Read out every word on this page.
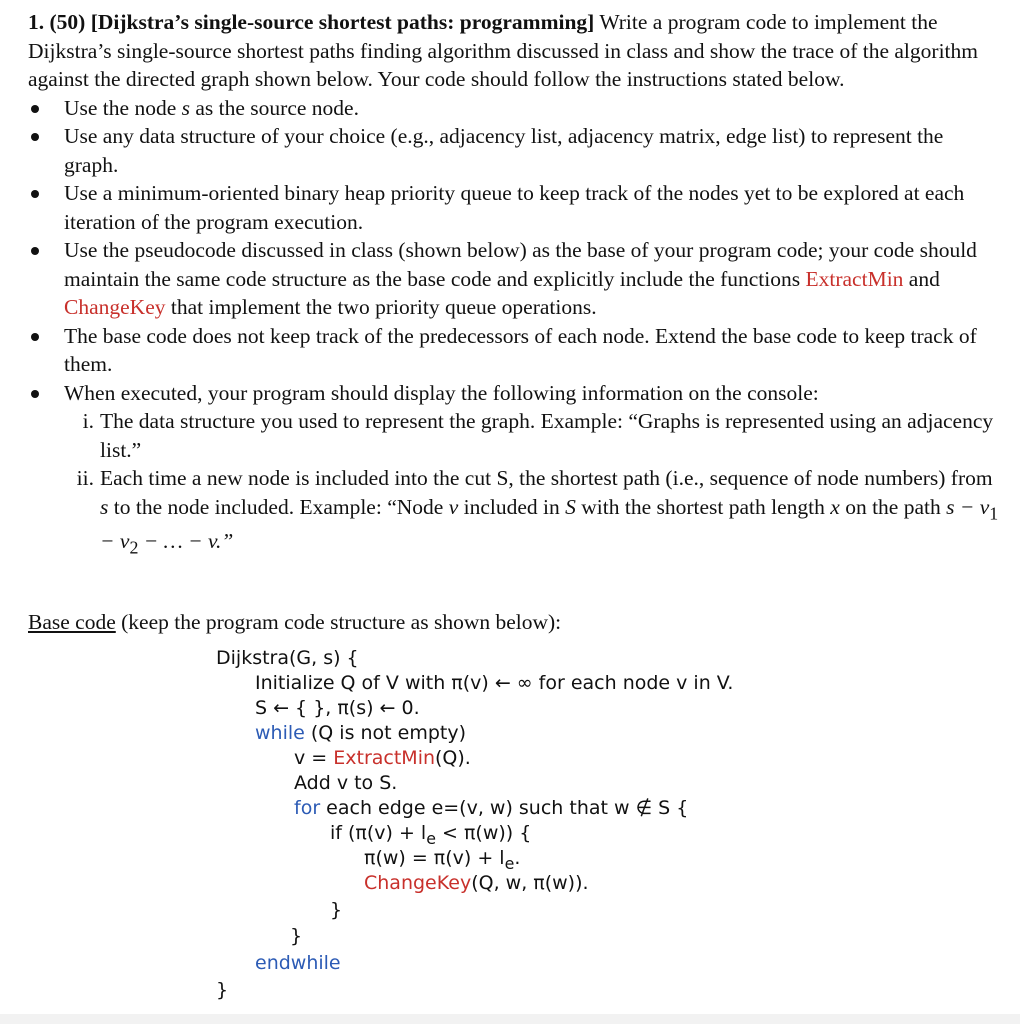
1. (50) [Dijkstra’s single-source shortest paths: programming] Write a program code to implement the Dijkstra’s single-source shortest paths finding algorithm discussed in class and show the trace of the algorithm against the directed graph shown below. Your code should follow the instructions stated below.

Use the node s as the source node.
Use any data structure of your choice (e.g., adjacency list, adjacency matrix, edge list) to represent the graph.
Use a minimum-oriented binary heap priority queue to keep track of the nodes yet to be explored at each iteration of the program execution.
Use the pseudocode discussed in class (shown below) as the base of your program code; your code should maintain the same code structure as the base code and explicitly include the functions ExtractMin and ChangeKey that implement the two priority queue operations.
The base code does not keep track of the predecessors of each node. Extend the base code to keep track of them.
When executed, your program should display the following information on the console:
i. The data structure you used to represent the graph. Example: “Graphs is represented using an adjacency list.”
ii. Each time a new node is included into the cut S, the shortest path (i.e., sequence of node numbers) from s to the node included. Example: “Node v included in S with the shortest path length x on the path $s - v_1 - v_2$ − … − v.”
Base code (keep the program code structure as shown below):
Dijkstra(G, s) {
Initialize Q of V with π(v) ← ∞ for each node v in V.
S ← { }, π(s) ← 0.
while (Q is not empty)
v = ExtractMin(Q).
Add v to S.
for each edge e=(v, w) such that w ∉ S {
if $(\pi(v) + l_e < \pi(w))$ {
$\pi(w) = \pi(v) + l_e$.
ChangeKey(Q, w, π(w)).
}
}
endwhile
}
